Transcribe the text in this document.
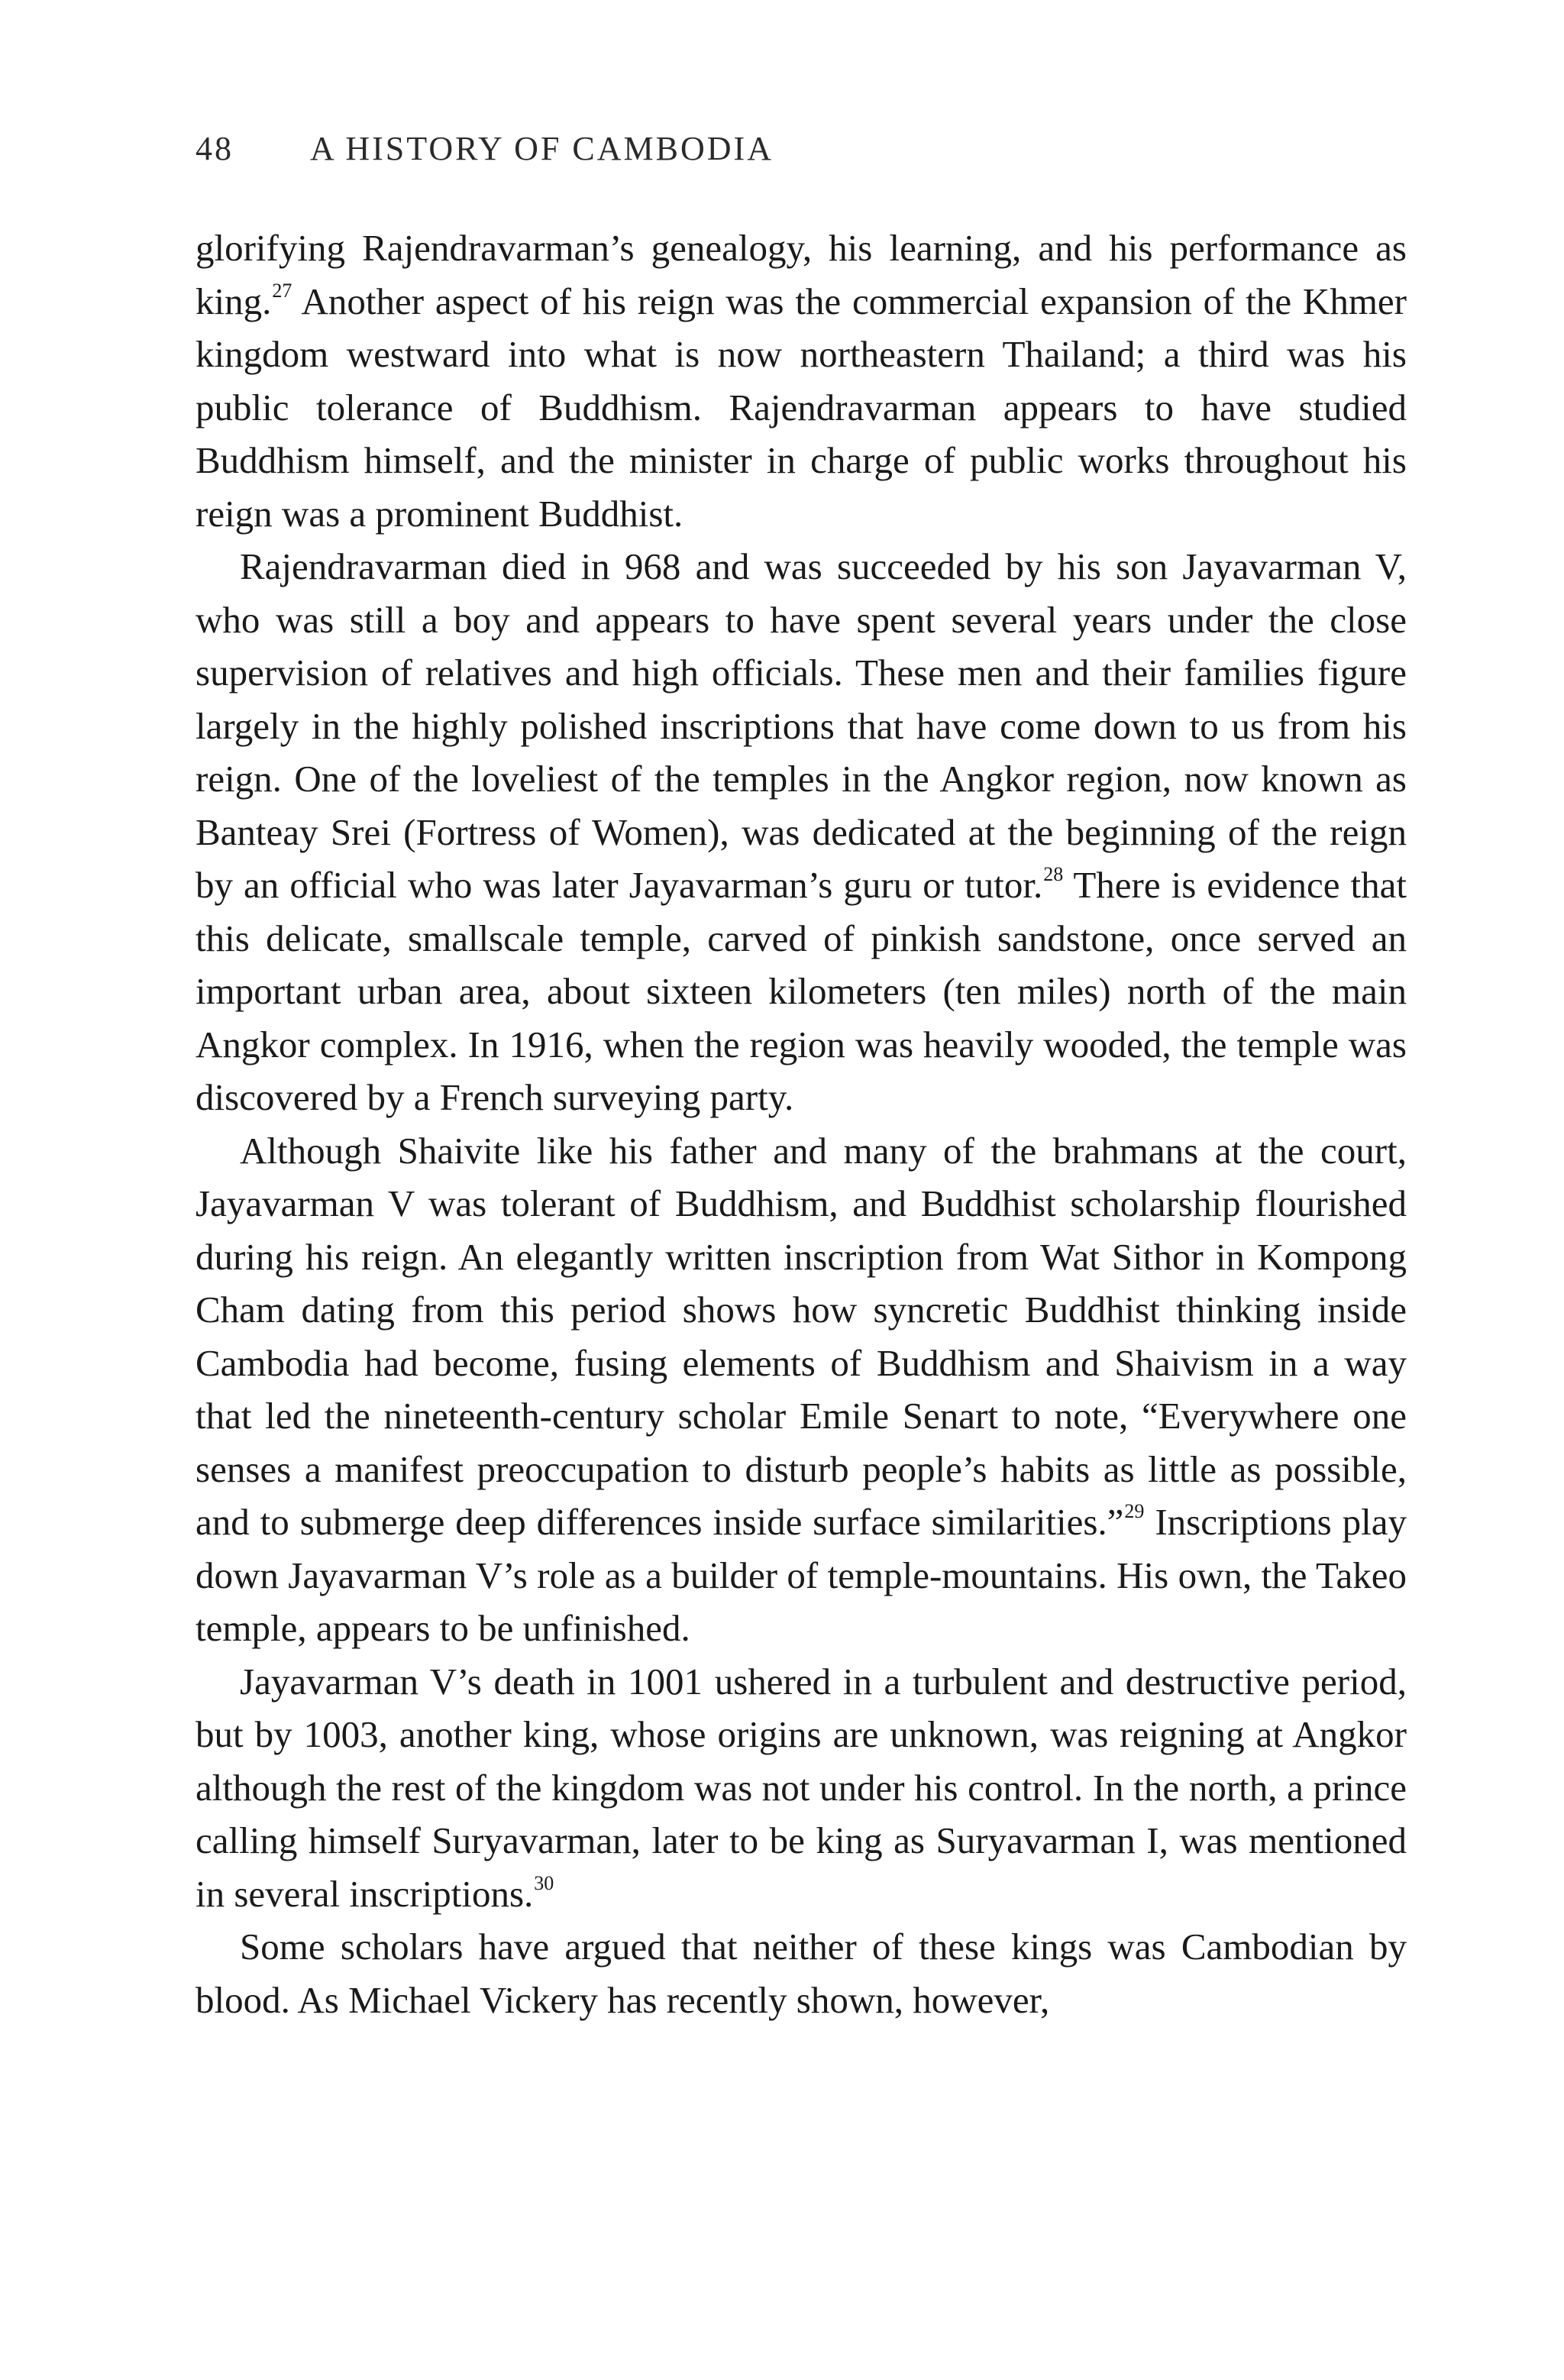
48 A HISTORY OF CAMBODIA

glorifying Rajendravarman’s genealogy, his learning, and his performance as king.$^{27}$ Another aspect of his reign was the commercial expansion of the Khmer kingdom westward into what is now northeastern Thailand; a third was his public tolerance of Buddhism. Rajendravarman appears to have studied Buddhism himself, and the minister in charge of public works throughout his reign was a prominent Buddhist.

Rajendravarman died in 968 and was succeeded by his son Jayavarman V, who was still a boy and appears to have spent several years under the close supervision of relatives and high officials. These men and their families figure largely in the highly polished inscriptions that have come down to us from his reign. One of the loveliest of the temples in the Angkor region, now known as Banteay Srei (Fortress of Women), was dedicated at the beginning of the reign by an official who was later Jayavarman’s guru or tutor.$^{28}$ There is evidence that this delicate, smallscale temple, carved of pinkish sandstone, once served an important urban area, about sixteen kilometers (ten miles) north of the main Angkor complex. In 1916, when the region was heavily wooded, the temple was discovered by a French surveying party.

Although Shaivite like his father and many of the brahmans at the court, Jayavarman V was tolerant of Buddhism, and Buddhist scholarship flourished during his reign. An elegantly written inscription from Wat Sithor in Kompong Cham dating from this period shows how syncretic Buddhist thinking inside Cambodia had become, fusing elements of Buddhism and Shaivism in a way that led the nineteenth-century scholar Emile Senart to note, “Everywhere one senses a manifest preoccupation to disturb people’s habits as little as possible, and to submerge deep differences inside surface similarities.”$^{29}$ Inscriptions play down Jayavarman V’s role as a builder of temple-mountains. His own, the Takeo temple, appears to be unfinished.

Jayavarman V’s death in 1001 ushered in a turbulent and destructive period, but by 1003, another king, whose origins are unknown, was reigning at Angkor although the rest of the kingdom was not under his control. In the north, a prince calling himself Suryavarman, later to be king as Suryavarman I, was mentioned in several inscriptions.$^{30}$

Some scholars have argued that neither of these kings was Cambodian by blood. As Michael Vickery has recently shown, however,
